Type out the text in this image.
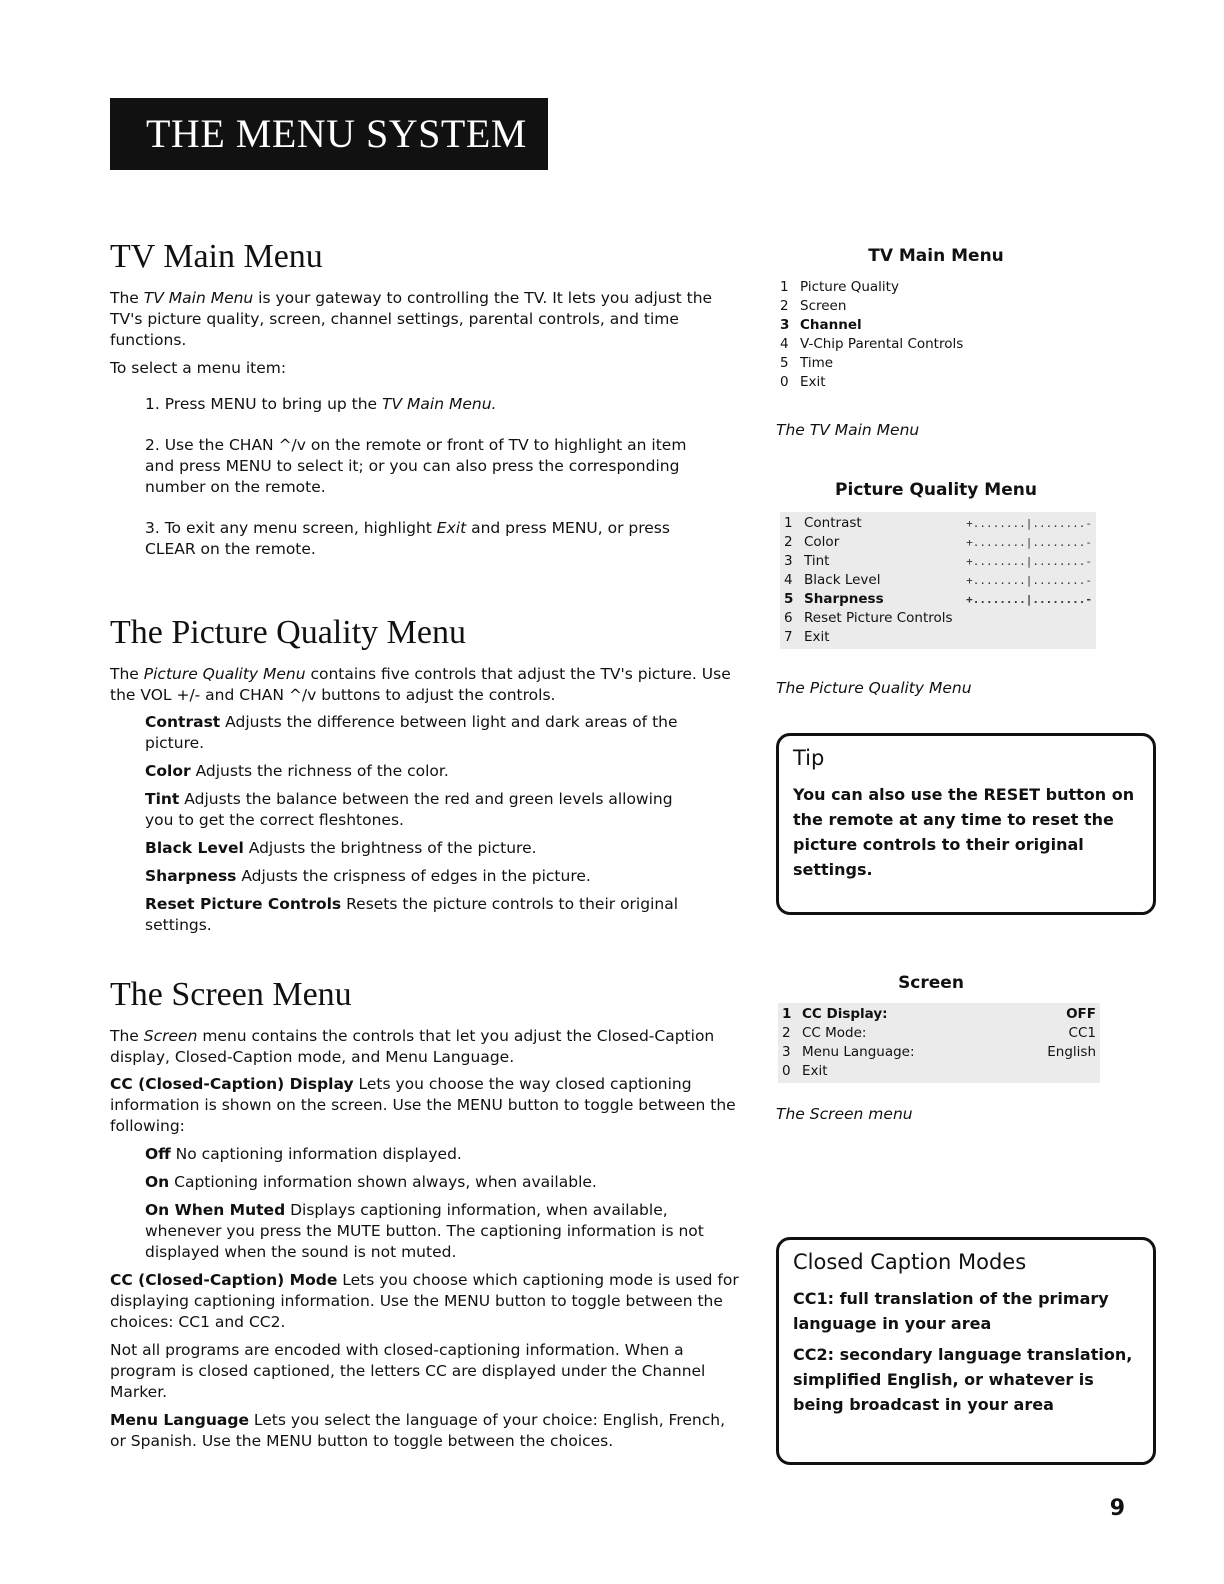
THE MENU SYSTEM
TV Main Menu

The TV Main Menu is your gateway to controlling the TV. It lets you adjust the TV's picture quality, screen, channel settings, parental controls, and time functions.

To select a menu item:

1. Press MENU to bring up the TV Main Menu.

2. Use the CHAN ^/v on the remote or front of TV to highlight an item and press MENU to select it; or you can also press the corresponding number on the remote.

3. To exit any menu screen, highlight Exit and press MENU, or press CLEAR on the remote.

The Picture Quality Menu

The Picture Quality Menu contains five controls that adjust the TV's picture. Use the VOL +/- and CHAN ^/v buttons to adjust the controls.

Contrast Adjusts the difference between light and dark areas of the picture.

Color Adjusts the richness of the color.

Tint Adjusts the balance between the red and green levels allowing you to get the correct fleshtones.

Black Level Adjusts the brightness of the picture.

Sharpness Adjusts the crispness of edges in the picture.

Reset Picture Controls Resets the picture controls to their original settings.

The Screen Menu

The Screen menu contains the controls that let you adjust the Closed-Caption display, Closed-Caption mode, and Menu Language.

CC (Closed-Caption) Display Lets you choose the way closed captioning information is shown on the screen. Use the MENU button to toggle between the following:

Off No captioning information displayed.

On Captioning information shown always, when available.

On When Muted Displays captioning information, when available, whenever you press the MUTE button. The captioning information is not displayed when the sound is not muted.

CC (Closed-Caption) Mode Lets you choose which captioning mode is used for displaying captioning information. Use the MENU button to toggle between the choices: CC1 and CC2.

Not all programs are encoded with closed-captioning information. When a program is closed captioned, the letters CC are displayed under the Channel Marker.

Menu Language Lets you select the language of your choice: English, French, or Spanish. Use the MENU button to toggle between the choices.

TV Main Menu
1 Picture Quality
2 Screen
3 Channel
4 V-Chip Parental Controls
5 Time
0 Exit
The TV Main Menu
Picture Quality Menu
1 Contrast	+........|........-
2 Color	+........|........-
3 Tint	+........|........-
4 Black Level	+........|........-
5 Sharpness	+........|........-
6 Reset Picture Controls
7 Exit
The Picture Quality Menu
Tip

You can also use the RESET button on the remote at any time to reset the picture controls to their original settings.

Screen
1 CC Display:	OFF
2 CC Mode:	CC1
3 Menu Language:	English
0 Exit
The Screen menu
Closed Caption Modes

CC1: full translation of the primary language in your area

CC2: secondary language translation, simplified English, or whatever is being broadcast in your area

9
